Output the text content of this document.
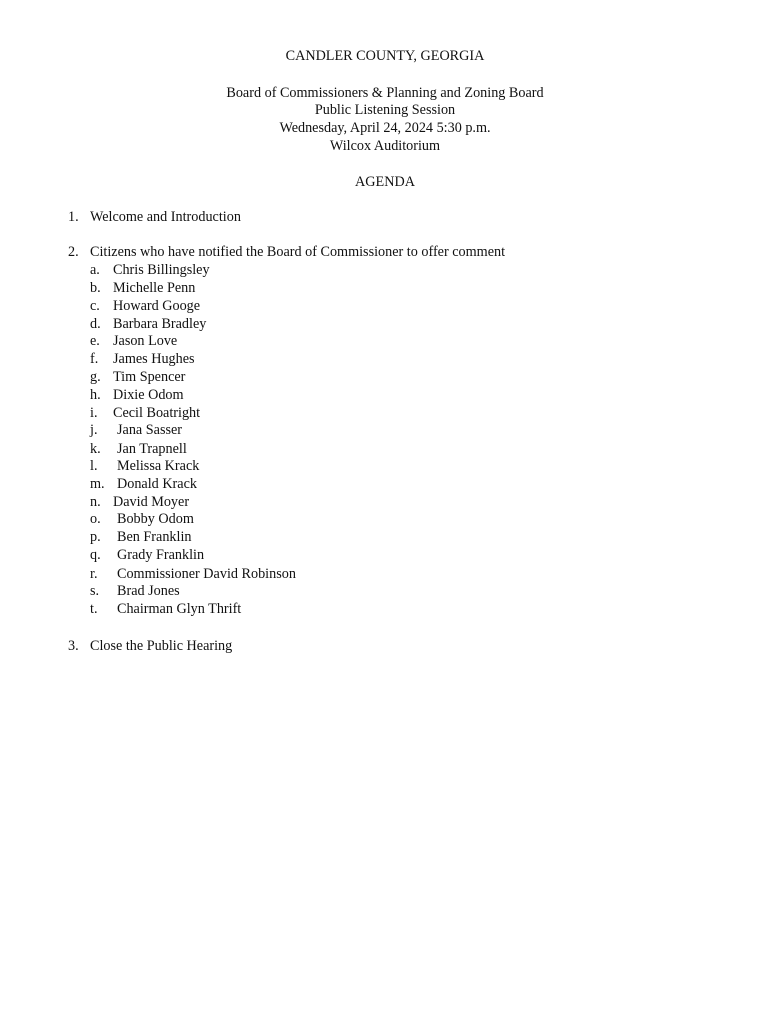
CANDLER COUNTY, GEORGIA
Board of Commissioners & Planning and Zoning Board
Public Listening Session
Wednesday, April 24, 2024 5:30 p.m.
Wilcox Auditorium
AGENDA
1. Welcome and Introduction
2. Citizens who have notified the Board of Commissioner to offer comment
a. Chris Billingsley
b. Michelle Penn
c. Howard Googe
d. Barbara Bradley
e. Jason Love
f. James Hughes
g. Tim Spencer
h. Dixie Odom
i. Cecil Boatright
j. Jana Sasser
k. Jan Trapnell
l. Melissa Krack
m. Donald Krack
n. David Moyer
o. Bobby Odom
p. Ben Franklin
q. Grady Franklin
r. Commissioner David Robinson
s. Brad Jones
t. Chairman Glyn Thrift
3. Close the Public Hearing
